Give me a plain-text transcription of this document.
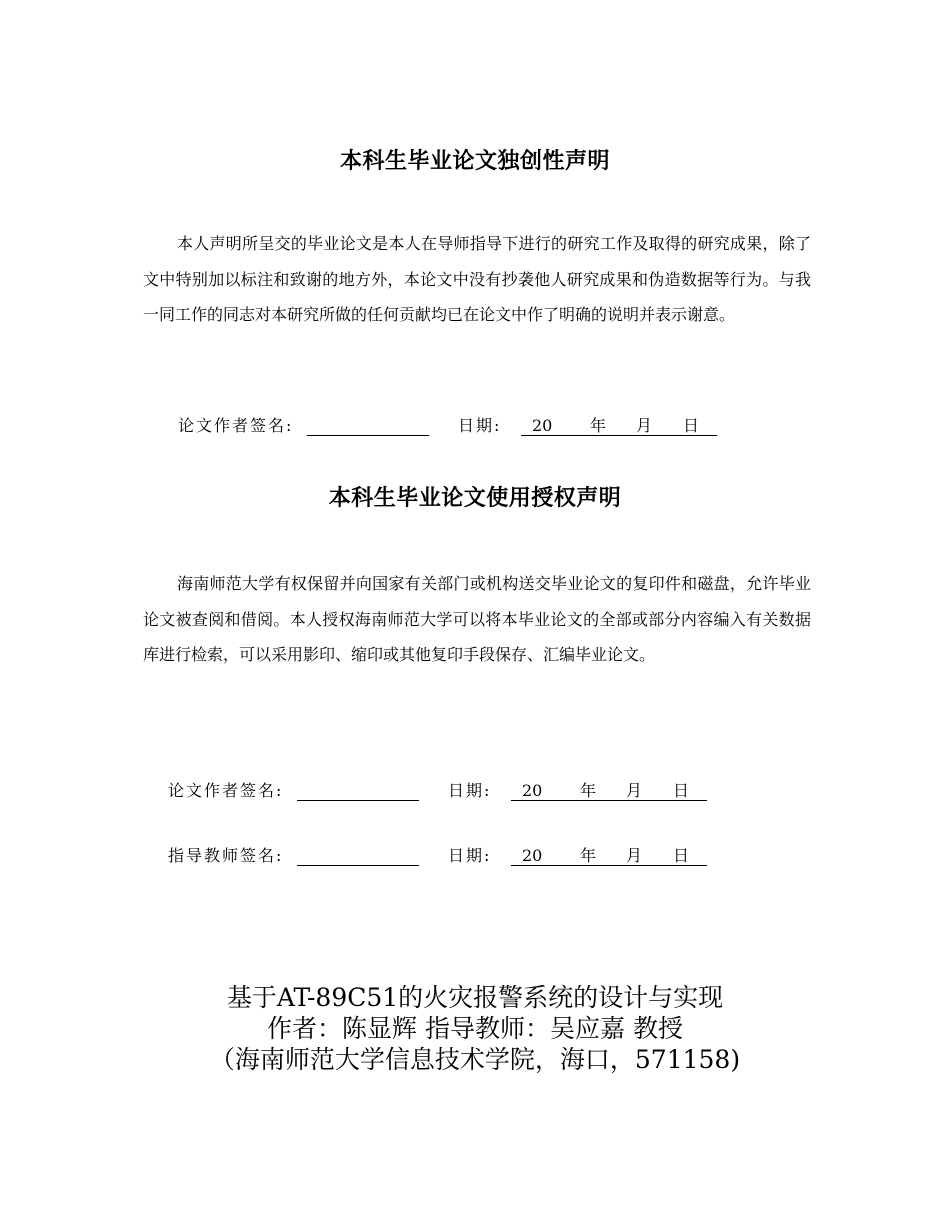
本科生毕业论文独创性声明

本人声明所呈交的毕业论文是本人在导师指导下进行的研究工作及取得的研究成果，除了文中特别加以标注和致谢的地方外，本论文中没有抄袭他人研究成果和伪造数据等行为。与我一同工作的同志对本研究所做的任何贡献均已在论文中作了明确的说明并表示谢意。

论文作者签名:	日期: 20 年 月 日
本科生毕业论文使用授权声明

海南师范大学有权保留并向国家有关部门或机构送交毕业论文的复印件和磁盘，允许毕业论文被查阅和借阅。本人授权海南师范大学可以将本毕业论文的全部或部分内容编入有关数据库进行检索，可以采用影印、缩印或其他复印手段保存、汇编毕业论文。

论文作者签名:	日期: 20 年 月 日
指导教师签名:	日期: 20 年 月 日
基于AT-89C51的火灾报警系统的设计与实现
作者：陈显辉 指导教师：吴应嘉 教授
（海南师范大学信息技术学院，海口，571158)
